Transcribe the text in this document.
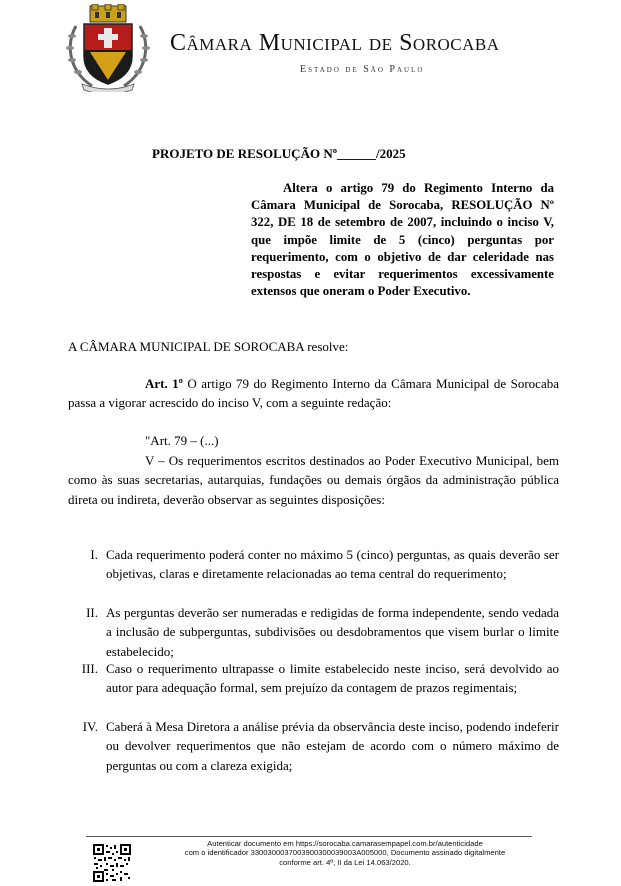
Câmara Municipal de Sorocaba
Estado de São Paulo
PROJETO DE RESOLUÇÃO Nº______/2025
Altera o artigo 79 do Regimento Interno da Câmara Municipal de Sorocaba, RESOLUÇÃO Nº 322, DE 18 de setembro de 2007, incluindo o inciso V, que impõe limite de 5 (cinco) perguntas por requerimento, com o objetivo de dar celeridade nas respostas e evitar requerimentos excessivamente extensos que oneram o Poder Executivo.
A CÂMARA MUNICIPAL DE SOROCABA resolve:
Art. 1º O artigo 79 do Regimento Interno da Câmara Municipal de Sorocaba passa a vigorar acrescido do inciso V, com a seguinte redação:
"Art. 79 – (...)
V – Os requerimentos escritos destinados ao Poder Executivo Municipal, bem como às suas secretarias, autarquias, fundações ou demais órgãos da administração pública direta ou indireta, deverão observar as seguintes disposições:
I. Cada requerimento poderá conter no máximo 5 (cinco) perguntas, as quais deverão ser objetivas, claras e diretamente relacionadas ao tema central do requerimento;
II. As perguntas deverão ser numeradas e redigidas de forma independente, sendo vedada a inclusão de subperguntas, subdivisões ou desdobramentos que visem burlar o limite estabelecido;
III. Caso o requerimento ultrapasse o limite estabelecido neste inciso, será devolvido ao autor para adequação formal, sem prejuízo da contagem de prazos regimentais;
IV. Caberá à Mesa Diretora a análise prévia da observância deste inciso, podendo indeferir ou devolver requerimentos que não estejam de acordo com o número máximo de perguntas ou com a clareza exigida;
Autenticar documento em https://sorocaba.camarasempapel.com.br/autenticidade
com o identificador 3300300037003900300039003A005000, Documento assinado digitalmente
conforme art. 4º, II da Lei 14.063/2020.
